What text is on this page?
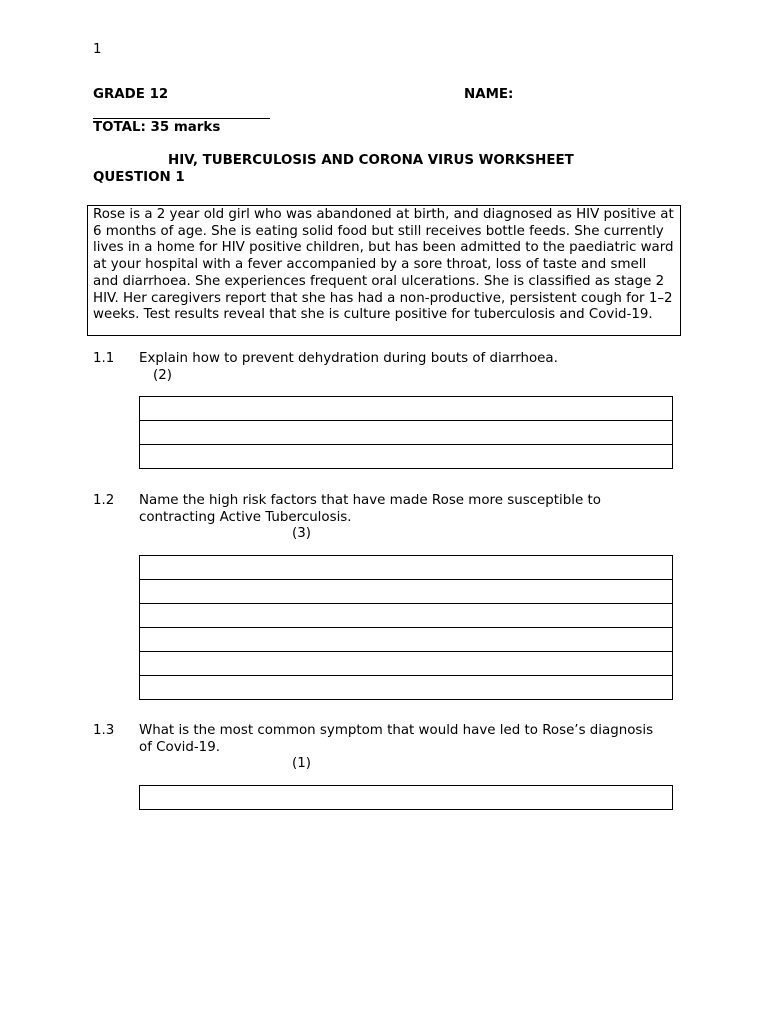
1
GRADE 12	NAME:
TOTAL: 35 marks
HIV, TUBERCULOSIS AND CORONA VIRUS WORKSHEET
QUESTION 1
Rose is a 2 year old girl who was abandoned at birth, and diagnosed as HIV positive at 6 months of age. She is eating solid food but still receives bottle feeds. She currently lives in a home for HIV positive children, but has been admitted to the paediatric ward at your hospital with a fever accompanied by a sore throat, loss of taste and smell and diarrhoea. She experiences frequent oral ulcerations. She is classified as stage 2 HIV. Her caregivers report that she has had a non-productive, persistent cough for 1–2 weeks. Test results reveal that she is culture positive for tuberculosis and Covid-19.
1.1 Explain how to prevent dehydration during bouts of diarrhoea.
(2)
1.2 Name the high risk factors that have made Rose more susceptible to contracting Active Tuberculosis.
(3)
1.3 What is the most common symptom that would have led to Rose’s diagnosis of Covid-19.
(1)
